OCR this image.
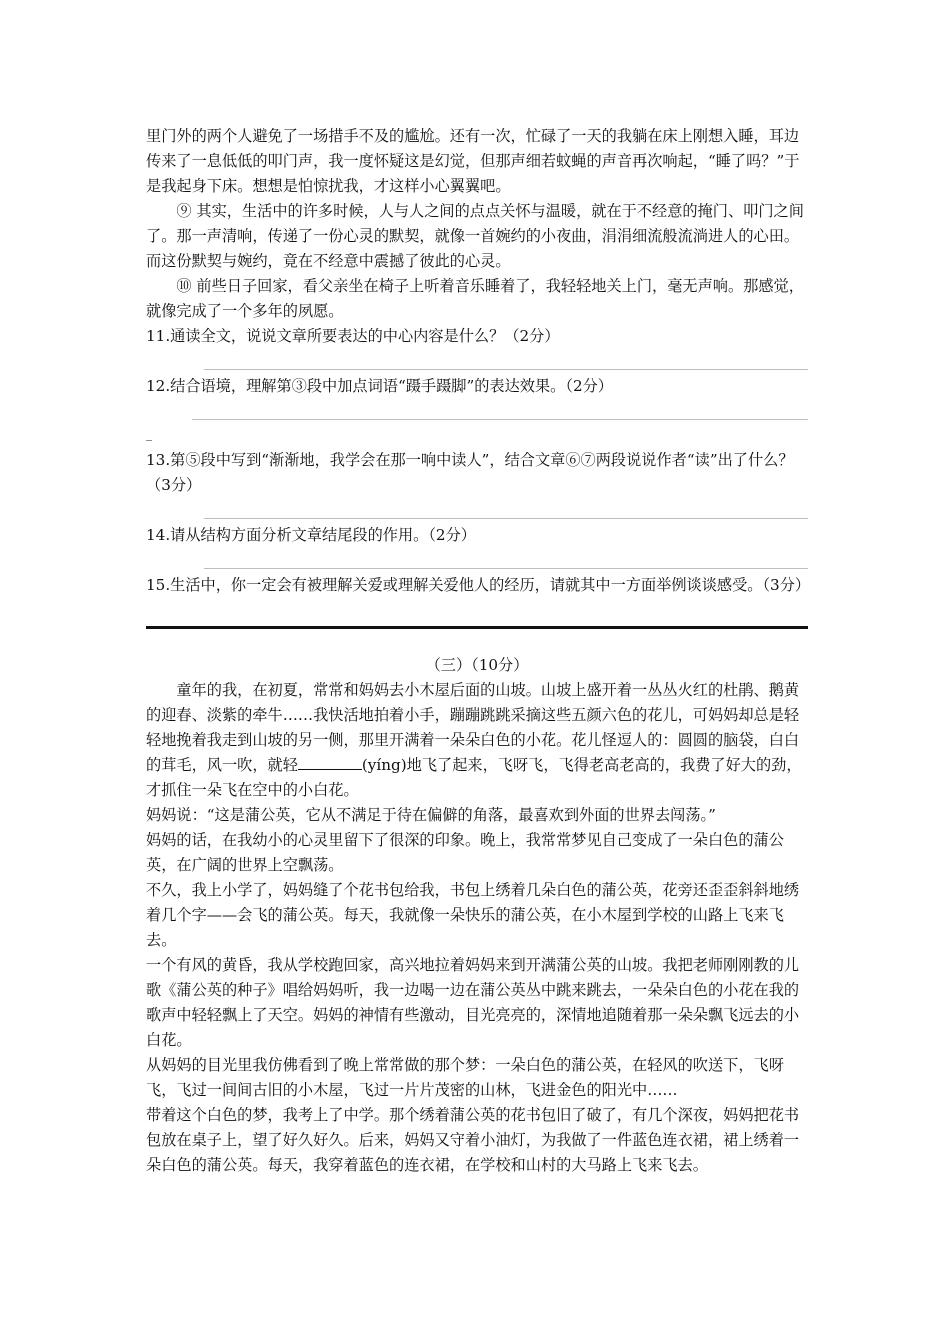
里门外的两个人避免了一场措手不及的尴尬。还有一次，忙碌了一天的我躺在床上刚想入睡，耳边传来了一息低低的叩门声，我一度怀疑这是幻觉，但那声细若蚊蝇的声音再次响起，“睡了吗？”于是我起身下床。想想是怕惊扰我，才这样小心翼翼吧。

⑨ 其实，生活中的许多时候，人与人之间的点点关怀与温暖，就在于不经意的掩门、叩门之间了。那一声清响，传递了一份心灵的默契，就像一首婉约的小夜曲，涓涓细流般流淌进人的心田。而这份默契与婉约，竟在不经意中震撼了彼此的心灵。

⑩ 前些日子回家，看父亲坐在椅子上听着音乐睡着了，我轻轻地关上门，毫无声响。那感觉，就像完成了一个多年的夙愿。

11.通读全文，说说文章所要表达的中心内容是什么？（2分）

12.结合语境，理解第③段中加点词语“蹑手蹑脚”的表达效果。（2分）

_

13.第⑤段中写到“渐渐地，我学会在那一响中读人”，结合文章⑥⑦两段说说作者“读”出了什么？（3分）

14.请从结构方面分析文章结尾段的作用。（2分）

15.生活中，你一定会有被理解关爱或理解关爱他人的经历，请就其中一方面举例谈谈感受。（3分）

（三）（10分）

童年的我，在初夏，常常和妈妈去小木屋后面的山坡。山坡上盛开着一丛丛火红的杜鹃、鹅黄的迎春、淡紫的牵牛……我快活地拍着小手，蹦蹦跳跳采摘这些五颜六色的花儿，可妈妈却总是轻轻地挽着我走到山坡的另一侧，那里开满着一朵朵白色的小花。花儿怪逗人的：圆圆的脑袋，白白的茸毛，风一吹，就轻	(yíng)地飞了起来，飞呀飞，飞得老高老高的，我费了好大的劲，才抓住一朵飞在空中的小白花。

妈妈说：“这是蒲公英，它从不满足于待在偏僻的角落，最喜欢到外面的世界去闯荡。”

妈妈的话，在我幼小的心灵里留下了很深的印象。晚上，我常常梦见自己变成了一朵白色的蒲公英，在广阔的世界上空飘荡。

不久，我上小学了，妈妈缝了个花书包给我，书包上绣着几朵白色的蒲公英，花旁还歪歪斜斜地绣着几个字——会飞的蒲公英。每天，我就像一朵快乐的蒲公英，在小木屋到学校的山路上飞来飞去。

一个有风的黄昏，我从学校跑回家，高兴地拉着妈妈来到开满蒲公英的山坡。我把老师刚刚教的儿歌《蒲公英的种子》唱给妈妈听，我一边喝一边在蒲公英丛中跳来跳去，一朵朵白色的小花在我的歌声中轻轻飘上了天空。妈妈的神情有些激动，目光亮亮的，深情地追随着那一朵朵飘飞远去的小白花。

从妈妈的目光里我仿佛看到了晚上常常做的那个梦：一朵白色的蒲公英，在轻风的吹送下，飞呀飞，飞过一间间古旧的小木屋，飞过一片片茂密的山林，飞进金色的阳光中……

带着这个白色的梦，我考上了中学。那个绣着蒲公英的花书包旧了破了，有几个深夜，妈妈把花书包放在桌子上，望了好久好久。后来，妈妈又守着小油灯，为我做了一件蓝色连衣裙，裙上绣着一朵白色的蒲公英。每天，我穿着蓝色的连衣裙，在学校和山村的大马路上飞来飞去。
